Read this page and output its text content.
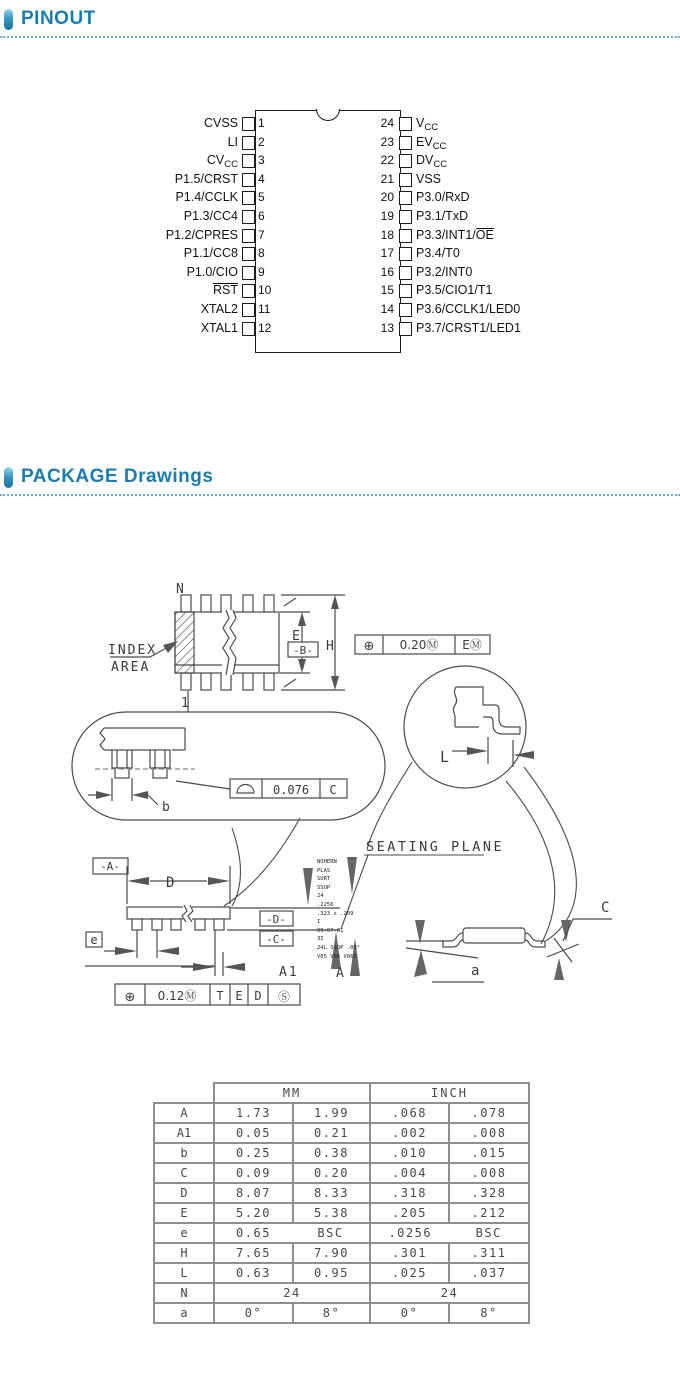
PINOUT
1
CVSS
2
LI
3
$CV_{CC}$
4
P1.5/CRST
5
P1.4/CCLK
6
P1.3/CC4
7
P1.2/CPRES
8
P1.1/CC8
9
P1.0/CIO
10
RST
11
XTAL2
12
XTAL1
24 $V_{CC}$
23 $EV_{CC}$
22 $DV_{CC}$
21 VSS
20 P3.0/RxD
19 P3.1/TxD
18 P3.3/INT1/OE
17 P3.4/T0
16 P3.2/INT0
15 P3.5/CIO1/T1
14 P3.6/CCLK1/LED0
13 P3.7/CRST1/LED1
PACKAGE Drawings
N
1
INDEX
AREA
E
-B- H ⊕ 0.20Ⓜ EⓂ
b
0.076 C
L
SEATING PLANE
-A-
D
e
-D-
-C-
A1	A
⊕ 0.12Ⓜ T E D Ⓢ
a
C
NOHERN
PLAS
SURT
SSOP
24
.2256
.323 x .209
I
09-07-01
3I
24L SSOP .09°
V05 V06 V065
	MM		INCH	
A	1.73	1.99	.068	.078
A1	0.05	0.21	.002	.008
b	0.25	0.38	.010	.015
C	0.09	0.20	.004	.008
D	8.07	8.33	.318	.328
E	5.20	5.38	.205	.212
e	0.65 BSC		.0256 BSC	

H	7.65	7.90	.301	.311
L	0.63	0.95	.025	.037
N	24		24	
a	0°	8°	0°	8°
